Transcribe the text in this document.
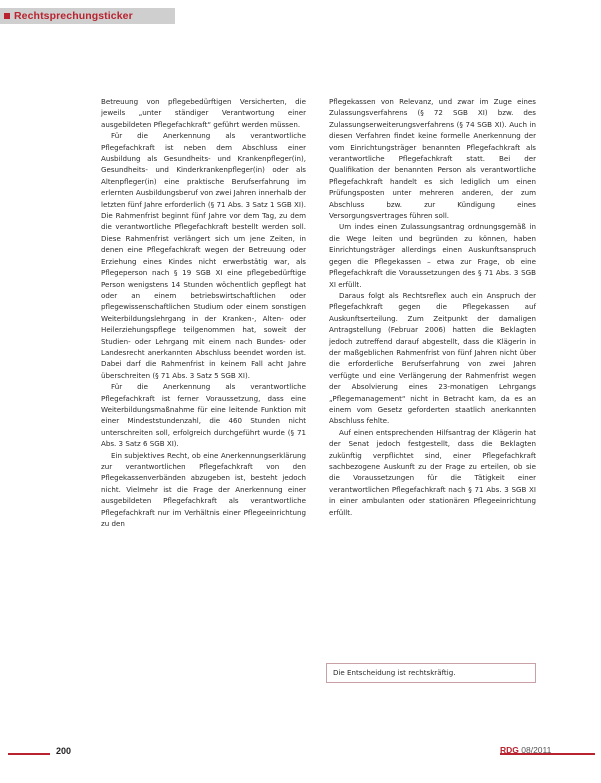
Rechtsprechungsticker

Betreuung von pflegebedürftigen Versicherten, die jeweils „unter ständiger Verantwortung einer ausgebildeten Pflegefachkraft“ geführt werden müssen.

Für die Anerkennung als verantwortliche Pflegefachkraft ist neben dem Abschluss einer Ausbildung als Gesundheits- und Krankenpfleger(in), Gesundheits- und Kinderkrankenpfleger(in) oder als Altenpfleger(in) eine praktische Berufserfahrung im erlernten Ausbildungsberuf von zwei Jahren innerhalb der letzten fünf Jahre erforderlich (§ 71 Abs. 3 Satz 1 SGB XI). Die Rahmenfrist beginnt fünf Jahre vor dem Tag, zu dem die verantwortliche Pflegefachkraft bestellt werden soll. Diese Rahmenfrist verlängert sich um jene Zeiten, in denen eine Pflegefachkraft wegen der Betreuung oder Erziehung eines Kindes nicht erwerbstätig war, als Pflegeperson nach § 19 SGB XI eine pflegebedürftige Person wenigstens 14 Stunden wöchentlich gepflegt hat oder an einem betriebswirtschaftlichen oder pflegewissenschaftlichen Studium oder einem sonstigen Weiterbildungslehrgang in der Kranken-, Alten- oder Heilerziehungspflege teilgenommen hat, soweit der Studien- oder Lehrgang mit einem nach Bundes- oder Landesrecht anerkannten Abschluss beendet worden ist. Dabei darf die Rahmenfrist in keinem Fall acht Jahre überschreiten (§ 71 Abs. 3 Satz 5 SGB XI).

Für die Anerkennung als verantwortliche Pflegefachkraft ist ferner Voraussetzung, dass eine Weiterbildungsmaßnahme für eine leitende Funktion mit einer Mindeststundenzahl, die 460 Stunden nicht unterschreiten soll, erfolgreich durchgeführt wurde (§ 71 Abs. 3 Satz 6 SGB XI).

Ein subjektives Recht, ob eine Anerkennungserklärung zur verantwortlichen Pflegefachkraft von den Pflegekassenverbänden abzugeben ist, besteht jedoch nicht. Vielmehr ist die Frage der Anerkennung einer ausgebildeten Pflegefachkraft als verantwortliche Pflegefachkraft nur im Verhältnis einer Pflegeeinrichtung zu den

Pflegekassen von Relevanz, und zwar im Zuge eines Zulassungsverfahrens (§ 72 SGB XI) bzw. des Zulassungserweiterungsverfahrens (§ 74 SGB XI). Auch in diesen Verfahren findet keine formelle Anerkennung der vom Einrichtungsträger benannten Pflegefachkraft als verantwortliche Pflegefachkraft statt. Bei der Qualifikation der benannten Person als verantwortliche Pflegefachkraft handelt es sich lediglich um einen Prüfungsposten unter mehreren anderen, der zum Abschluss bzw. zur Kündigung eines Versorgungsvertrages führen soll.

Um indes einen Zulassungsantrag ordnungsgemäß in die Wege leiten und begründen zu können, haben Einrichtungsträger allerdings einen Auskunftsanspruch gegen die Pflegekassen – etwa zur Frage, ob eine Pflegefachkraft die Voraussetzungen des § 71 Abs. 3 SGB XI erfüllt.

Daraus folgt als Rechtsreflex auch ein Anspruch der Pflegefachkraft gegen die Pflegekassen auf Auskunftserteilung. Zum Zeitpunkt der damaligen Antragstellung (Februar 2006) hatten die Beklagten jedoch zutreffend darauf abgestellt, dass die Klägerin in der maßgeblichen Rahmenfrist von fünf Jahren nicht über die erforderliche Berufserfahrung von zwei Jahren verfügte und eine Verlängerung der Rahmenfrist wegen der Absolvierung eines 23-monatigen Lehrgangs „Pflegemanagement“ nicht in Betracht kam, da es an einem vom Gesetz geforderten staatlich anerkannten Abschluss fehlte.

Auf einen entsprechenden Hilfsantrag der Klägerin hat der Senat jedoch festgestellt, dass die Beklagten zukünftig verpflichtet sind, einer Pflegefachkraft sachbezogene Auskunft zu der Frage zu erteilen, ob sie die Voraussetzungen für die Tätigkeit einer verantwortlichen Pflegefachkraft nach § 71 Abs. 3 SGB XI in einer ambulanten oder stationären Pflegeeinrichtung erfüllt.

Die Entscheidung ist rechtskräftig.
200	RDG 08/2011
